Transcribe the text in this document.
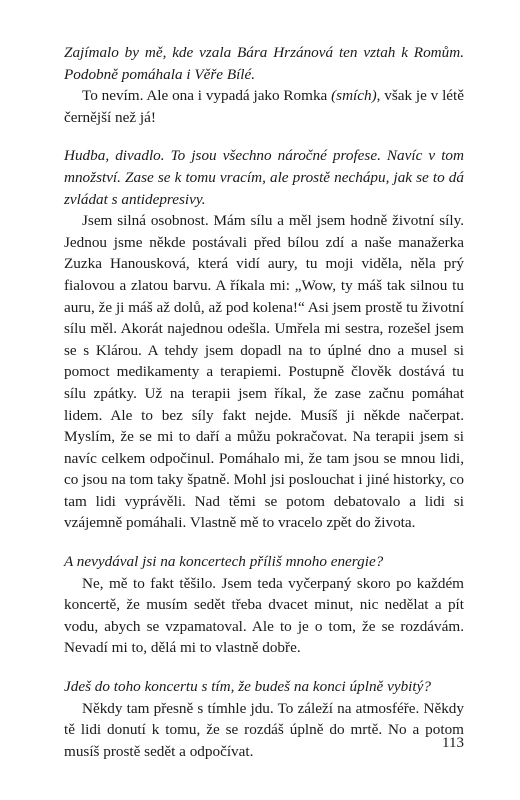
Zajímalo by mě, kde vzala Bára Hrzánová ten vztah k Romům. Podobně pomáhala i Věře Bílé.

To nevím. Ale ona i vypadá jako Romka (smích), však je v létě černější než já!

Hudba, divadlo. To jsou všechno náročné profese. Navíc v tom množství. Zase se k tomu vracím, ale prostě nechápu, jak se to dá zvládat s antidepresivy.

Jsem silná osobnost. Mám sílu a měl jsem hodně životní síly. Jednou jsme někde postávali před bílou zdí a naše manažerka Zuzka Hanousková, která vidí aury, tu moji viděla, něla prý fialovou a zlatou barvu. A říkala mi: „Wow, ty máš tak silnou tu auru, že ji máš až dolů, až pod kolena!“ Asi jsem prostě tu životní sílu měl. Akorát najednou odešla. Umřela mi sestra, rozešel jsem se s Klárou. A tehdy jsem dopadl na to úplné dno a musel si pomoct medikamenty a terapiemi. Postupně člověk dostává tu sílu zpátky. Už na terapii jsem říkal, že zase začnu pomáhat lidem. Ale to bez síly fakt nejde. Musíš ji někde načerpat. Myslím, že se mi to daří a můžu pokračovat. Na terapii jsem si navíc celkem odpočinul. Pomáhalo mi, že tam jsou se mnou lidi, co jsou na tom taky špatně. Mohl jsi poslouchat i jiné historky, co tam lidi vyprávěli. Nad těmi se potom debatovalo a lidi si vzájemně pomáhali. Vlastně mě to vracelo zpět do života.

A nevydával jsi na koncertech příliš mnoho energie?

Ne, mě to fakt těšilo. Jsem teda vyčerpaný skoro po každém koncertě, že musím sedět třeba dvacet minut, nic nedělat a pít vodu, abych se vzpamatoval. Ale to je o tom, že se rozdávám. Nevadí mi to, dělá mi to vlastně dobře.

Jdeš do toho koncertu s tím, že budeš na konci úplně vybitý?

Někdy tam přesně s tímhle jdu. To záleží na atmosféře. Někdy tě lidi donutí k tomu, že se rozdáš úplně do mrtě. No a potom musíš prostě sedět a odpočívat.	113
